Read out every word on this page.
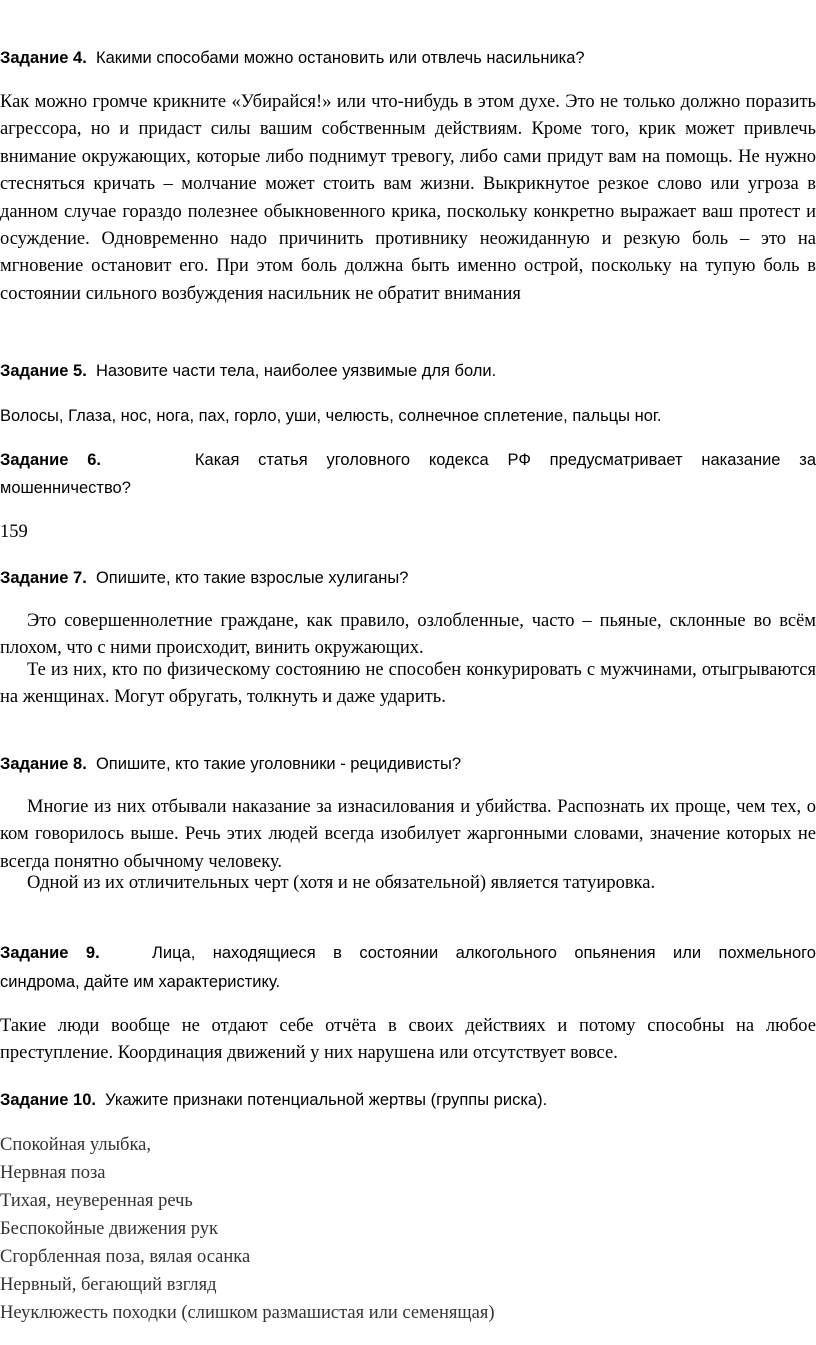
Задание 4. Какими способами можно остановить или отвлечь насильника?

Как можно громче крикните «Убирайся!» или что-нибудь в этом духе. Это не только должно поразить агрессора, но и придаст силы вашим собственным действиям. Кроме того, крик может привлечь внимание окружающих, которые либо поднимут тревогу, либо сами придут вам на помощь. Не нужно стесняться кричать – молчание может стоить вам жизни. Выкрикнутое резкое слово или угроза в данном случае гораздо полезнее обыкновенного крика, поскольку конкретно выражает ваш протест и осуждение. Одновременно надо причинить противнику неожиданную и резкую боль – это на мгновение остановит его. При этом боль должна быть именно острой, поскольку на тупую боль в состоянии сильного возбуждения насильник не обратит внимания

Задание 5. Назовите части тела, наиболее уязвимые для боли.

Волосы, Глаза, нос, нога, пах, горло, уши, челюсть, солнечное сплетение, пальцы ног.

Задание 6.	Какая статья уголовного кодекса РФ предусматривает наказание за

мошенничество?

159

Задание 7. Опишите, кто такие взрослые хулиганы?

Это совершеннолетние граждане, как правило, озлобленные, часто – пьяные, склонные во всём плохом, что с ними происходит, винить окружающих.

Те из них, кто по физическому состоянию не способен конкурировать с мужчинами, отыгрываются на женщинах. Могут обругать, толкнуть и даже ударить.

Задание 8. Опишите, кто такие уголовники - рецидивисты?

Многие из них отбывали наказание за изнасилования и убийства. Распознать их проще, чем тех, о ком говорилось выше. Речь этих людей всегда изобилует жаргонными словами, значение которых не всегда понятно обычному человеку.

Одной из их отличительных черт (хотя и не обязательной) является татуировка.

Задание 9.	Лица, находящиеся в состоянии алкогольного опьянения или похмельного

синдрома, дайте им характеристику.

Такие люди вообще не отдают себе отчёта в своих действиях и потому способны на любое преступление. Координация движений у них нарушена или отсутствует вовсе.

Задание 10. Укажите признаки потенциальной жертвы (группы риска).

Спокойная улыбка,
Нервная поза
Тихая, неуверенная речь
Беспокойные движения рук
Сгорбленная поза, вялая осанка
Нервный, бегающий взгляд
Неуклюжесть походки (слишком размашистая или семенящая)
